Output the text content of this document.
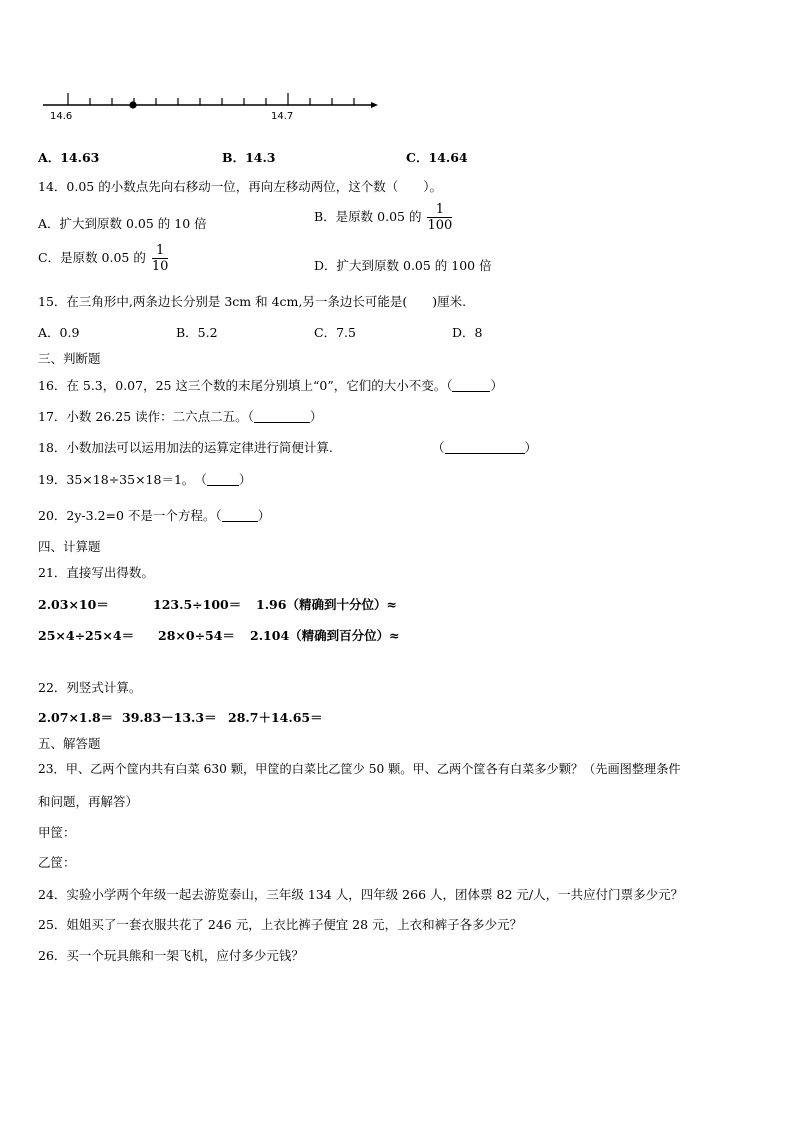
14.6	14.7
A．14.63	B．14.3	C．14.64
14．0.05 的小数点先向右移动一位，再向左移动两位，这个数（　　）。
A．扩大到原数 0.05 的 10 倍	B．是原数 0.05 的 $\frac{1}{100}$
C．是原数 0.05 的 $\frac{1}{10}$	D．扩大到原数 0.05 的 100 倍
15．在三角形中,两条边长分别是 3cm 和 4cm,另一条边长可能是(　　)厘米.
A．0.9	B．5.2	C．7.5	D．8
三、判断题
16．在 5.3，0.07，25 这三个数的末尾分别填上“0”，它们的大小不变。（	）
17．小数 26.25 读作：二六点二五。（	）
18．小数加法可以运用加法的运算定律进行简便计算.	（	）
19．35×18÷35×18＝1。　（	）
20．2y-3.2=0 不是一个方程。（	）
四、计算题
21．直接写出得数。
2.03×10＝	123.5÷100＝ 1.96（精确到十分位）≈
25×4÷25×4＝ 28×0÷54＝ 2.104（精确到百分位）≈
22．列竖式计算。
2.07×1.8＝ 39.83－13.3＝ 28.7＋14.65＝
五、解答题
23．甲、乙两个筐内共有白菜 630 颗，甲筐的白菜比乙筐少 50 颗。甲、乙两个筐各有白菜多少颗？（先画图整理条件
和问题，再解答）
甲筐：
乙筐：
24．实验小学两个年级一起去游览泰山，三年级 134 人，四年级 266 人，团体票 82 元/人，一共应付门票多少元？
25．姐姐买了一套衣服共花了 246 元，上衣比裤子便宜 28 元，上衣和裤子各多少元？
26．买一个玩具熊和一架飞机，应付多少元钱？
